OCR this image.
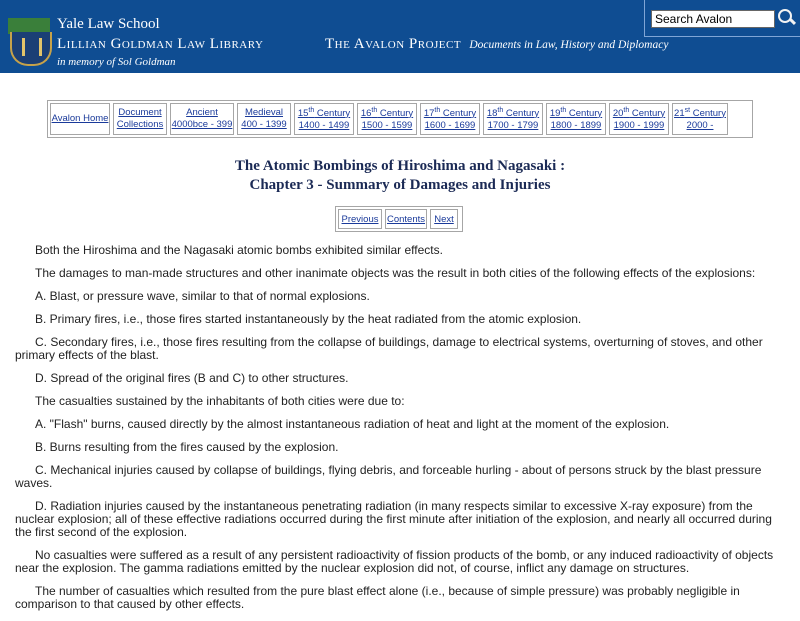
Yale Law School
Lillian Goldman Law Library
in memory of Sol Goldman
The Avalon Project Documents in Law, History and Diplomacy
Search Avalon
Avalon Home
Document
Collections
Ancient
4000bce - 399
Medieval
400 - 1399
15th Century
1400 - 1499
16th Century
1500 - 1599
17th Century
1600 - 1699
18th Century
1700 - 1799
19th Century
1800 - 1899
20th Century
1900 - 1999
21st Century
2000 -
The Atomic Bombings of Hiroshima and Nagasaki :
Chapter 3 - Summary of Damages and Injuries
Previous Contents Next

Both the Hiroshima and the Nagasaki atomic bombs exhibited similar effects.

The damages to man-made structures and other inanimate objects was the result in both cities of the following effects of the explosions:

A. Blast, or pressure wave, similar to that of normal explosions.

B. Primary fires, i.e., those fires started instantaneously by the heat radiated from the atomic explosion.

C. Secondary fires, i.e., those fires resulting from the collapse of buildings, damage to electrical systems, overturning of stoves, and other primary effects of the blast.

D. Spread of the original fires (B and C) to other structures.

The casualties sustained by the inhabitants of both cities were due to:

A. "Flash" burns, caused directly by the almost instantaneous radiation of heat and light at the moment of the explosion.

B. Burns resulting from the fires caused by the explosion.

C. Mechanical injuries caused by collapse of buildings, flying debris, and forceable hurling - about of persons struck by the blast pressure waves.

D. Radiation injuries caused by the instantaneous penetrating radiation (in many respects similar to excessive X-ray exposure) from the nuclear explosion; all of these effective radiations occurred during the first minute after initiation of the explosion, and nearly all occurred during the first second of the explosion.

No casualties were suffered as a result of any persistent radioactivity of fission products of the bomb, or any induced radioactivity of objects near the explosion. The gamma radiations emitted by the nuclear explosion did not, of course, inflict any damage on structures.

The number of casualties which resulted from the pure blast effect alone (i.e., because of simple pressure) was probably negligible in comparison to that caused by other effects.
